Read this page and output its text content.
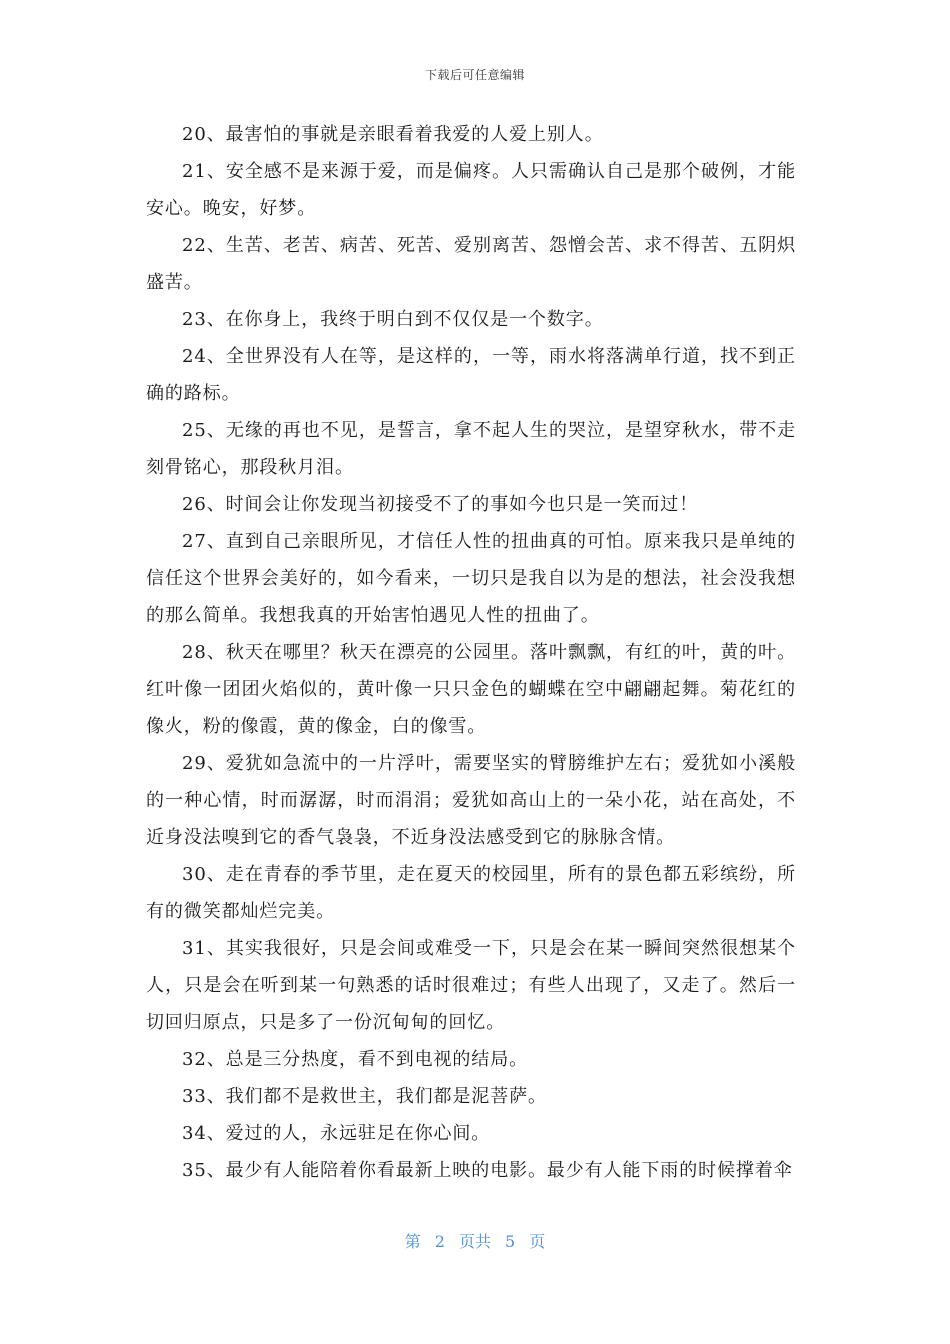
下载后可任意编辑

20、最害怕的事就是亲眼看着我爱的人爱上别人。

21、安全感不是来源于爱，而是偏疼。人只需确认自己是那个破例，才能安心。晚安，好梦。

22、生苦、老苦、病苦、死苦、爱别离苦、怨憎会苦、求不得苦、五阴炽盛苦。

23、在你身上，我终于明白到不仅仅是一个数字。

24、全世界没有人在等，是这样的，一等，雨水将落满单行道，找不到正确的路标。

25、无缘的再也不见，是誓言，拿不起人生的哭泣，是望穿秋水，带不走刻骨铭心，那段秋月泪。

26、时间会让你发现当初接受不了的事如今也只是一笑而过！

27、直到自己亲眼所见，才信任人性的扭曲真的可怕。原来我只是单纯的信任这个世界会美好的，如今看来，一切只是我自以为是的想法，社会没我想的那么简单。我想我真的开始害怕遇见人性的扭曲了。

28、秋天在哪里？秋天在漂亮的公园里。落叶飘飘，有红的叶，黄的叶。红叶像一团团火焰似的，黄叶像一只只金色的蝴蝶在空中翩翩起舞。菊花红的像火，粉的像霞，黄的像金，白的像雪。

29、爱犹如急流中的一片浮叶，需要坚实的臂膀维护左右；爱犹如小溪般的一种心情，时而潺潺，时而涓涓；爱犹如高山上的一朵小花，站在高处，不近身没法嗅到它的香气袅袅，不近身没法感受到它的脉脉含情。

30、走在青春的季节里，走在夏天的校园里，所有的景色都五彩缤纷，所有的微笑都灿烂完美。

31、其实我很好，只是会间或难受一下，只是会在某一瞬间突然很想某个人，只是会在听到某一句熟悉的话时很难过；有些人出现了，又走了。然后一切回归原点，只是多了一份沉甸甸的回忆。

32、总是三分热度，看不到电视的结局。

33、我们都不是救世主，我们都是泥菩萨。

34、爱过的人，永远驻足在你心间。

35、最少有人能陪着你看最新上映的电影。最少有人能下雨的时候撑着伞

第 2 页共 5 页
